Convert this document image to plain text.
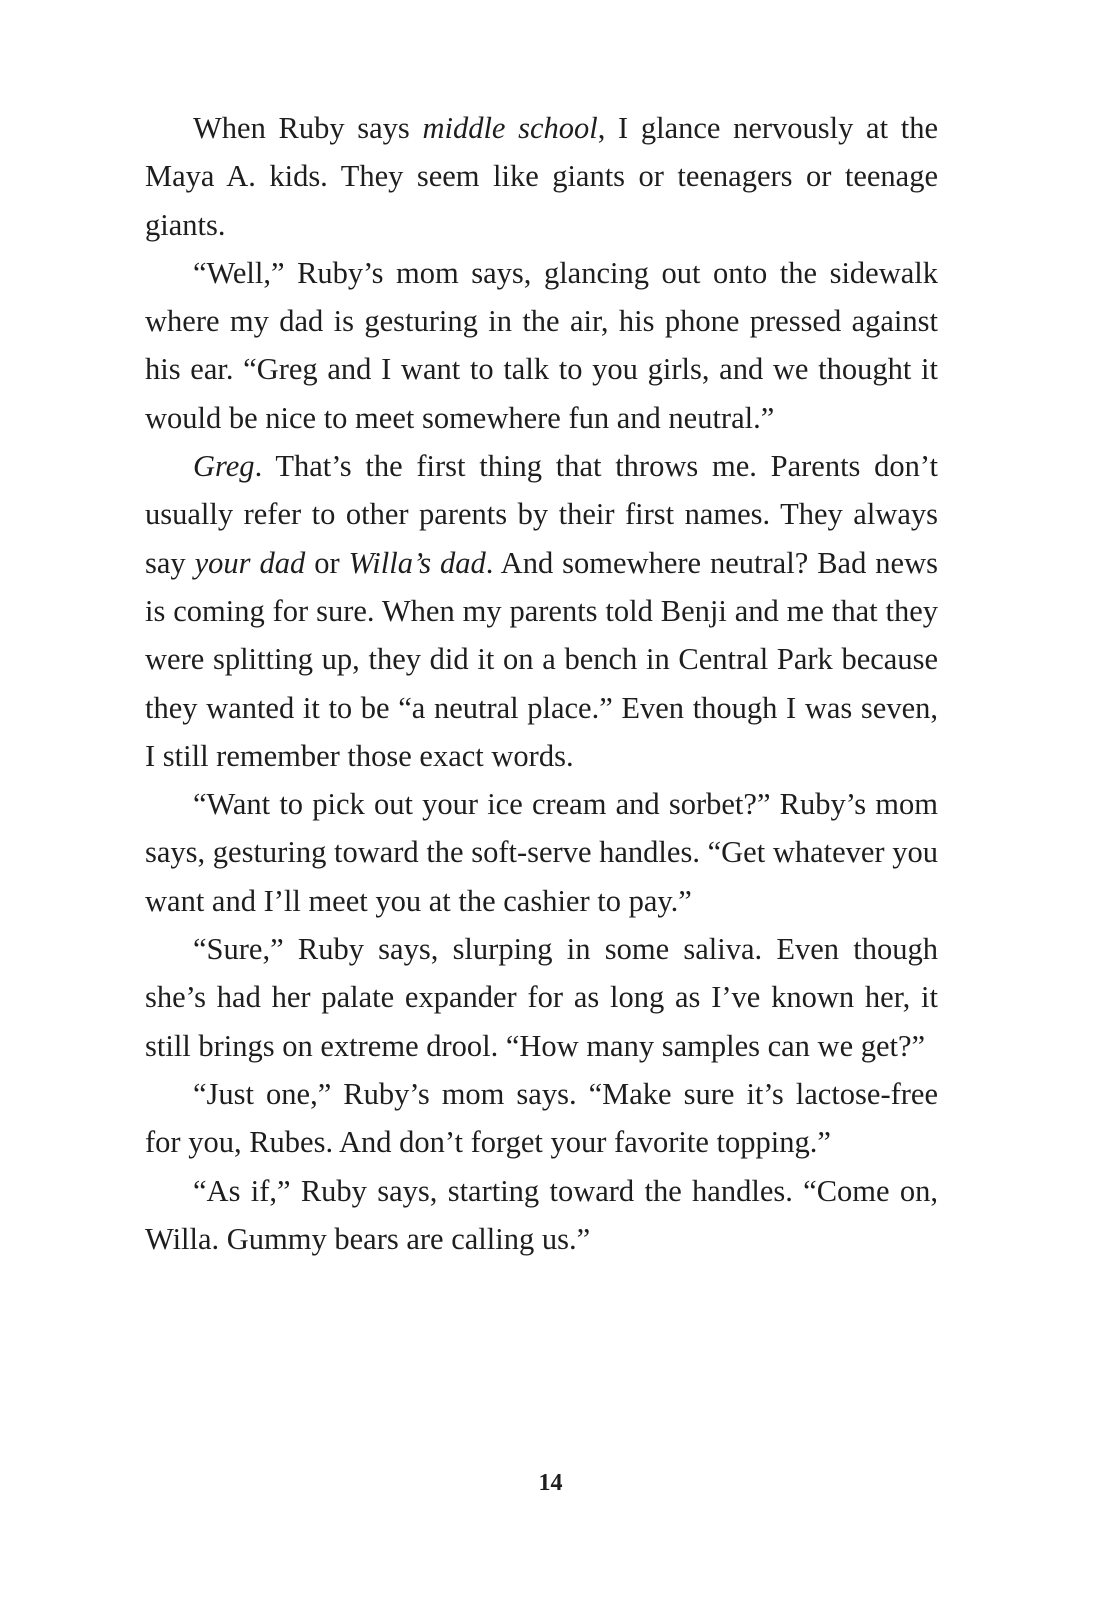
When Ruby says middle school, I glance nervously at the Maya A. kids. They seem like giants or teenagers or teenage giants.

“Well,” Ruby’s mom says, glancing out onto the sidewalk where my dad is gesturing in the air, his phone pressed against his ear. “Greg and I want to talk to you girls, and we thought it would be nice to meet somewhere fun and neutral.”

Greg. That’s the first thing that throws me. Parents don’t usually refer to other parents by their first names. They always say your dad or Willa’s dad. And somewhere neutral? Bad news is coming for sure. When my parents told Benji and me that they were splitting up, they did it on a bench in Central Park because they wanted it to be “a neutral place.” Even though I was seven, I still remember those exact words.

“Want to pick out your ice cream and sorbet?” Ruby’s mom says, gesturing toward the soft-serve handles. “Get whatever you want and I’ll meet you at the cashier to pay.”

“Sure,” Ruby says, slurping in some saliva. Even though she’s had her palate expander for as long as I’ve known her, it still brings on extreme drool. “How many samples can we get?”

“Just one,” Ruby’s mom says. “Make sure it’s lactose-free for you, Rubes. And don’t forget your favorite topping.”

“As if,” Ruby says, starting toward the handles. “Come on, Willa. Gummy bears are calling us.”

14
